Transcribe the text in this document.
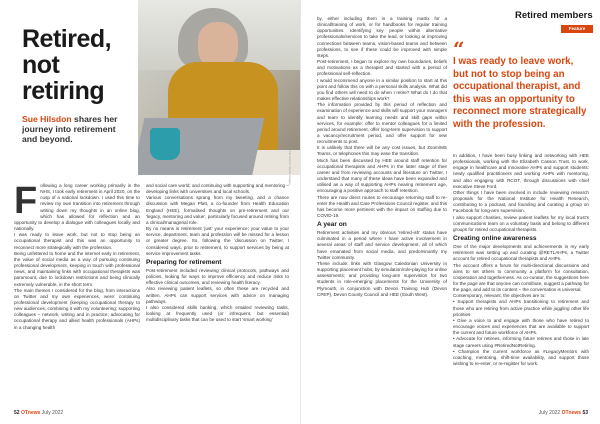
Retired, not retiring

Sue Hilsdon shares her journey into retirement and beyond.

Yuri Arcurs / Getty Images
F ollowing a long career working primarily in the NHS, I took early retirement in April 2020, on the cusp of a national lockdown. I used this time to review my own transition into retirement through writing down my thoughts in an online blog, which has allowed for reflection and an opportunity to develop a dialogue with colleagues locally and nationally.

I was ready to leave work, but not to stop being an occupational therapist and this was an opportunity to reconnect more strategically with the profession.

Being unfettered to home and the internet early in retirement, the value of social media as a way of pursuing continuing professional development, keeping in touch with professional news, and maintaining links with occupational therapists was paramount, due to lockdown restrictions and being clinically extremely vulnerable, in the short term.

The main themes I considered for the blog, from interactions on Twitter and my own experiences, were: continuing professional development (keeping occupational therapy to new audiences, combining it with my volunteering; supporting colleagues – network, writing and in practice; advocating for occupational therapy and allied health professionals (AHPs) in a changing health

and social care world; and continuing with supporting and mentoring – developing links with universities and local schools.

Various conversations sprang from my tweeting, and a chance discussion with Megan Platt, a co-founder from Health Education England (HEE), formalised thoughts on pre-retirement and our 'legacy, mentoring and value', particularly focused around retiring from a clinical/managerial role.

By no means is retirement 'just' your experience; your value to your service, department, team and profession will be missed for a lesson or greater degree. So, following the 'discussion on Twitter, I considered ways, prior to retirement, to support services by being at service improvement tasks.

Preparing for retirement

Post-retirement included reviewing clinical protocols, pathways and policies, looking for ways to improve efficiency and reduce risks to effective clinical outcomes, and reviewing health literacy.

Also reviewing patient leaflets, so often these are recycled and written. AHPs can support services with advice on managing pathways.

I also considered skills banking, which entailed reviewing tasks, looking at frequently used (or infrequent, but essential) multidisciplinary tasks that can be used to start 'smart working'

52 OTnews July 2022
Retired members
Feature

by, either including them in a training matrix for a clinical/training of work, or for handbooks for regular training opportunities. Identifying key people within alternative professionals/services to take the lead, or looking at improving connections between teams, vision-based teams and between professions, to see if these could be improved with simple steps.

Post-retirement, I began to explore my own boundaries, beliefs and motivations as a therapist and started with a period of professional self-reflection.

I would recommend anyone in a similar position to start at this point and follow this on with a personal skills analysis. What did you find others will need to do when I retire? What do I do that makes effective relationships work?

The information provided by this period of reflection and examination of experience and skills will support your managers and team to identify learning needs and skill gaps within services, for example: offer to mentor colleagues for a limited period around retirement, offer long-term supervision to support a vacancy/recruitment period, and offer support for new recruitments to post.

It is unlikely that there will be any cost issues, but Zoom/MS Teams, or telephones this may ease the transition.

Much has been discussed by HEE around staff retention for occupational therapists and AHPs in the latter stage of their career and from reviewing accounts and literature on Twitter, I understand that many of these ideas have been expanded and utilised as a way of supporting AHPs nearing retirement age, encouraging a positive approach to staff retention.

There are now direct routes to encourage returning staff to re-enter the Health and Care Professions Council register, and this has become more pertinent with the impact on staffing due to COVID-19.

A year on

Retirement activities and my obvious 'retired-ish' status have culminated in a period where I have active involvement in several areas of staff and service development, all of which have emanated from social media, and predominantly my Twitter community.

These include: links with Glasgow Caledonian University in supporting placement hubs, by simulation/role-playing for online assessments; and providing long-arm supervision for two students in role-emerging placements for the University of Plymouth, in conjunction with Devon Training Hub (Devon CPEP), Devon County Council and HEE (South West).

“

I was ready to leave work, but not to stop being an occupational therapist, and this was an opportunity to reconnect more strategically with the profession.

In addition, I have been busy linking and networking with HEE professionals, working with the Elizabeth Casson Trust, to work, engage in healthcare and innovative AHPs and support students: newly qualified practitioners and working AHPs with mentoring, and also engaging with RCOT, through discussions with chief executive Steve Ford.

Other things I have been involved in include reviewing research proposals for the National Institute for Health Research, contributing to a podcast, and founding and curating a group on Facebook for long-arm supervision.

I also support charities, review patient leaflets for my local trust's communications team on a voluntary basis and belong to different groups for retired occupational therapists.

Creating online awareness

One of the major developments and achievements in my early retirement was setting up and curating @RETLAHPs, a Twitter account for retired occupational therapists and AHPs.

The account offers a forum for multi-directional discussions and aims to set others to community a platform for consultation, cooperation and togetherness. As co-curator, the suggestions here for the page are that anyone can contribute, suggest a pathway for the page, and add to its content – the conversation is universal.

Contemporary, relevant, the objectives are to:

• Support therapists and AHPs transitioning to retirement and those who are retiring from active practice while juggling other life priorities.

• Give a voice to and engage with those who have retired to encourage voices and experiences that are available to support the current and future workforce of AHPs.

• Advocate for retirees, informing future retirees and those in late stage careers using #RetiredNotRetiring.

• Champion the current workforce as #LegacyMentors with coaching, mentoring, shift-time availability, and support those wishing to re-enter, or re-register for work.

July 2022 OTnews 53
